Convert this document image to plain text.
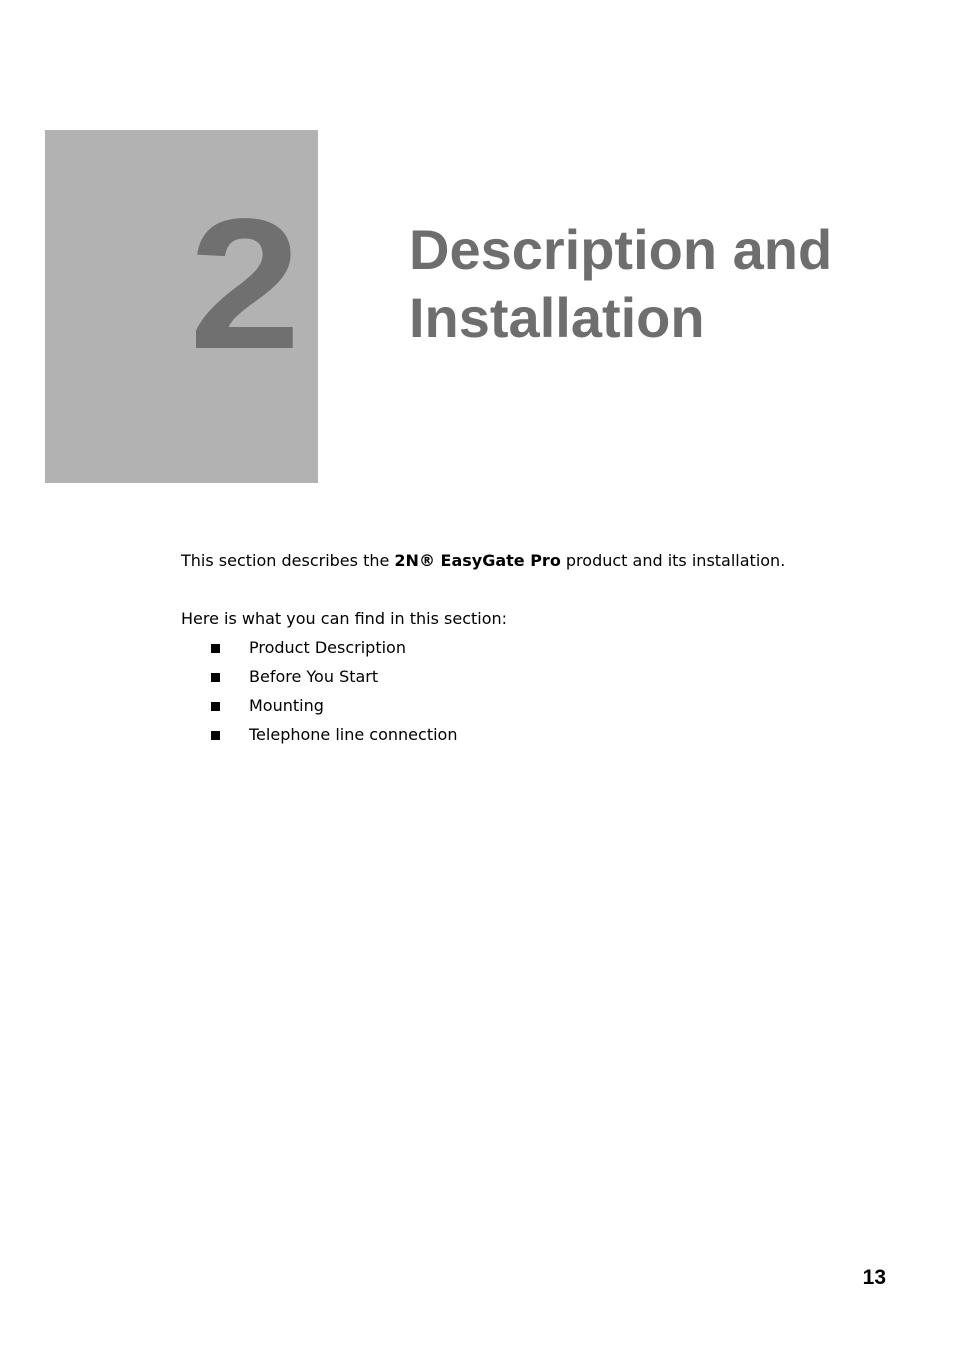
2 Description and
Installation

This section describes the 2N® EasyGate Pro product and its installation.

Here is what you can find in this section:

Product Description
Before You Start
Mounting
Telephone line connection
13
